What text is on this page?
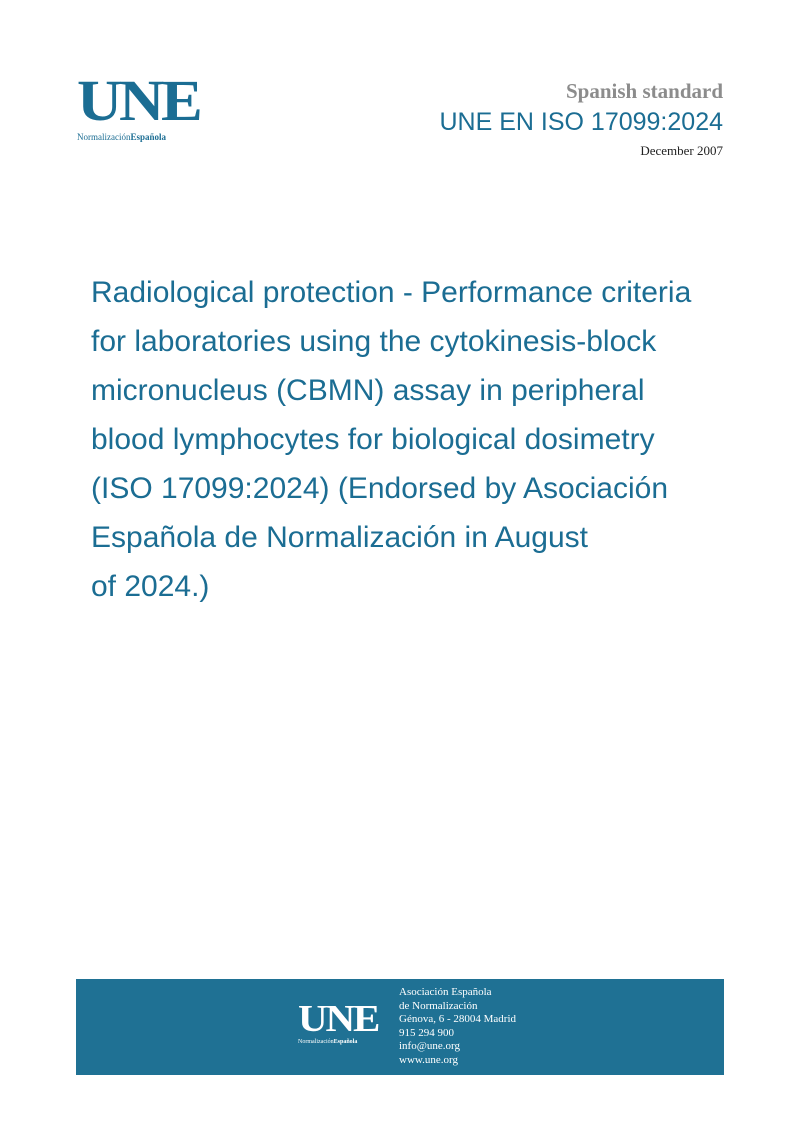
UNE
NormalizaciónEspañola
Spanish standard
UNE EN ISO 17099:2024
December 2007
Radiological protection - Performance criteria
for laboratories using the cytokinesis-block
micronucleus (CBMN) assay in peripheral
blood lymphocytes for biological dosimetry
(ISO 17099:2024) (Endorsed by Asociación
Española de Normalización in August
of 2024.)
UNE
NormalizaciónEspañola
Asociación Española
de Normalización
Génova, 6 - 28004 Madrid
915 294 900
info@une.org
www.une.org
